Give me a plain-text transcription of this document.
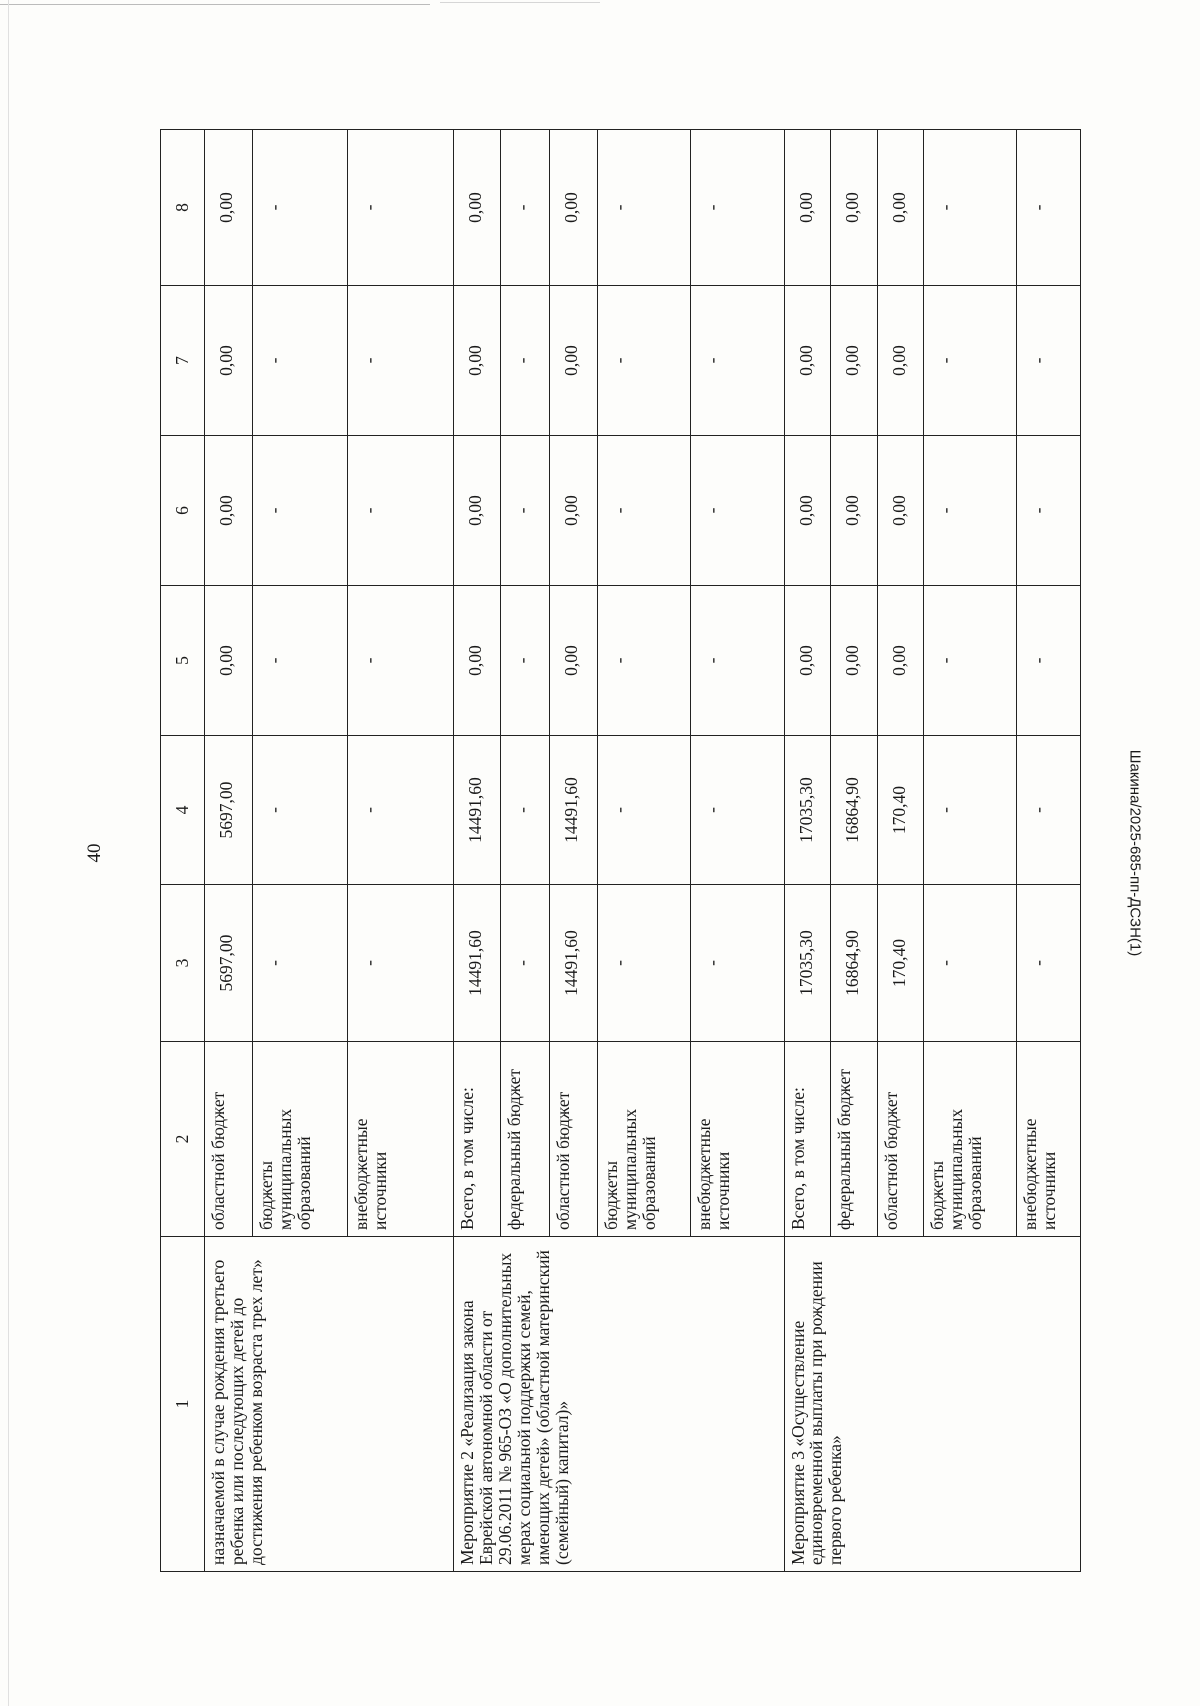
40	Шакина/2025-685-пп-ДСЗН(1)
1	2	3	4	5	6	7	8
назначаемой в случае рождения третьего ребенка или последующих детей до достижения ребенком возраста трех лет»	областной бюджет	5697,00	5697,00	0,00	0,00	0,00	0,00
	бюджеты муниципальных образований	-	-	-	-	-	-
	внебюджетные источники	-	-	-	-	-	-
Мероприятие 2 «Реализация закона Еврейской автономной области от 29.06.2011 № 965-ОЗ «О дополнительных мерах социальной поддержки семей, имеющих детей» (областной материнский (семейный) капитал)»	Всего, в том числе:	14491,60	14491,60	0,00	0,00	0,00	0,00
	федеральный бюджет	-	-	-	-	-	-
	областной бюджет	14491,60	14491,60	0,00	0,00	0,00	0,00
	бюджеты муниципальных образований	-	-	-	-	-	-
	внебюджетные источники	-	-	-	-	-	-
Мероприятие 3 «Осуществление единовременной выплаты при рождении первого ребенка»	Всего, в том числе:	17035,30	17035,30	0,00	0,00	0,00	0,00
	федеральный бюджет	16864,90	16864,90	0,00	0,00	0,00	0,00
	областной бюджет	170,40	170,40	0,00	0,00	0,00	0,00
	бюджеты муниципальных образований	-	-	-	-	-	-
	внебюджетные источники	-	-	-	-	-	-
